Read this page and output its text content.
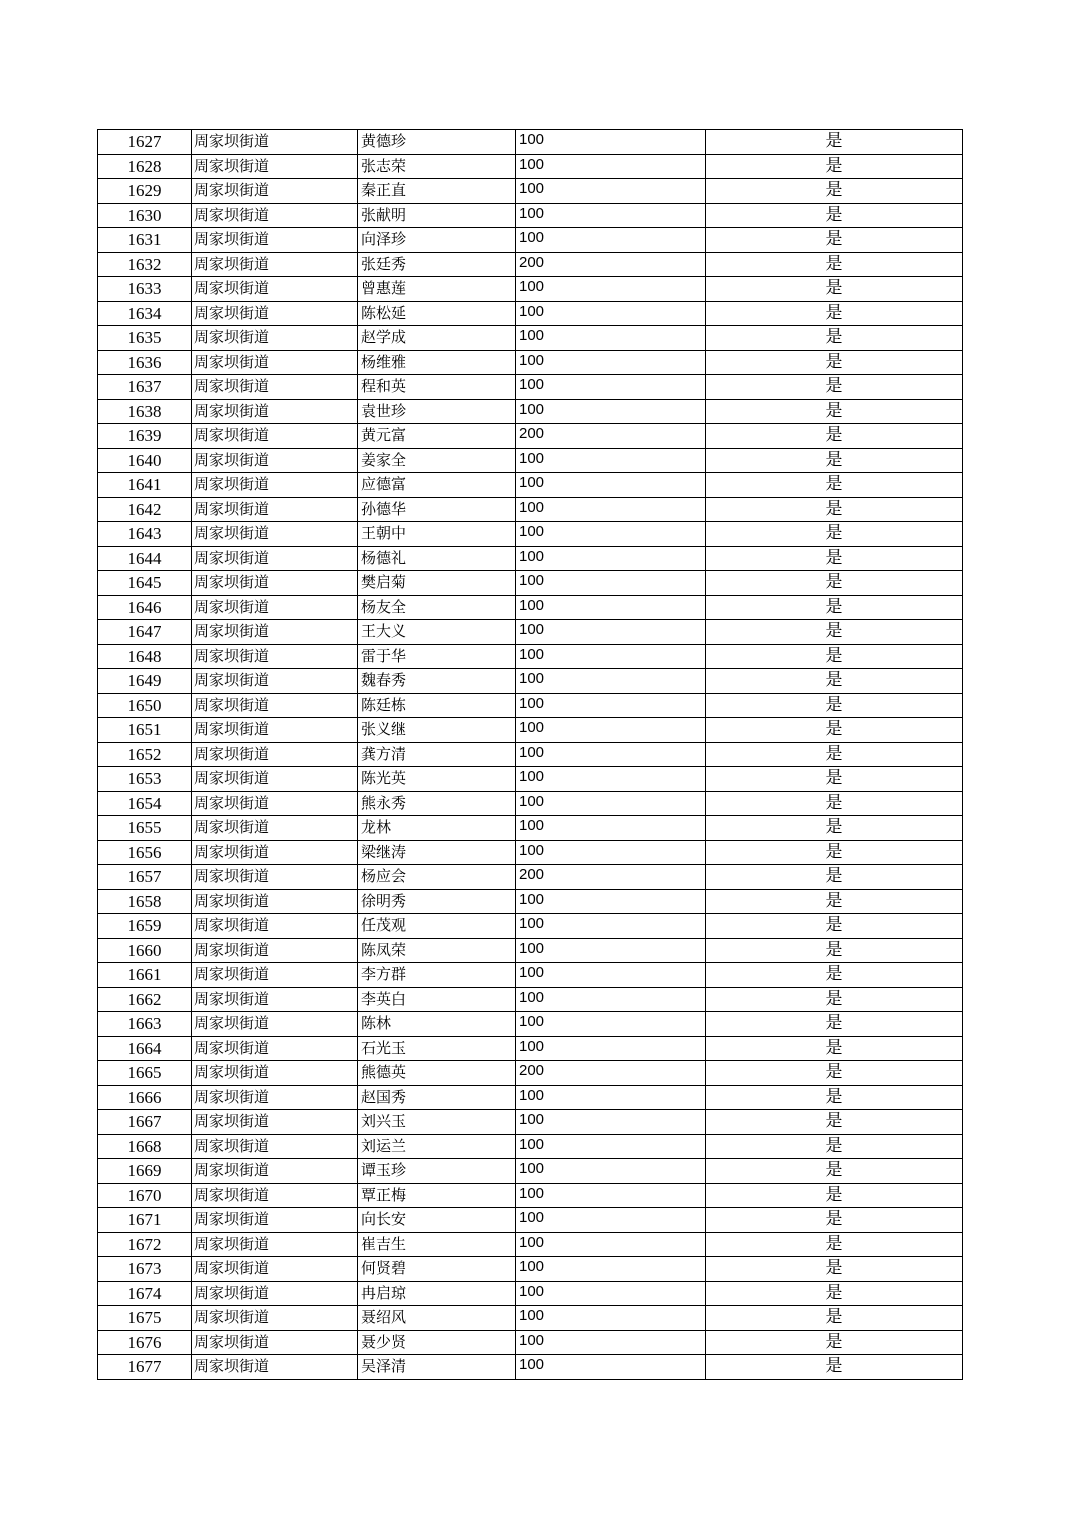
1627	周家坝街道	黄德珍	100	是
1628	周家坝街道	张志荣	100	是
1629	周家坝街道	秦正直	100	是
1630	周家坝街道	张献明	100	是
1631	周家坝街道	向泽珍	100	是
1632	周家坝街道	张廷秀	200	是
1633	周家坝街道	曾惠莲	100	是
1634	周家坝街道	陈松延	100	是
1635	周家坝街道	赵学成	100	是
1636	周家坝街道	杨维雅	100	是
1637	周家坝街道	程和英	100	是
1638	周家坝街道	袁世珍	100	是
1639	周家坝街道	黄元富	200	是
1640	周家坝街道	姜家全	100	是
1641	周家坝街道	应德富	100	是
1642	周家坝街道	孙德华	100	是
1643	周家坝街道	王朝中	100	是
1644	周家坝街道	杨德礼	100	是
1645	周家坝街道	樊启菊	100	是
1646	周家坝街道	杨友全	100	是
1647	周家坝街道	王大义	100	是
1648	周家坝街道	雷于华	100	是
1649	周家坝街道	魏春秀	100	是
1650	周家坝街道	陈廷栋	100	是
1651	周家坝街道	张义继	100	是
1652	周家坝街道	龚方清	100	是
1653	周家坝街道	陈光英	100	是
1654	周家坝街道	熊永秀	100	是
1655	周家坝街道	龙林	100	是
1656	周家坝街道	梁继涛	100	是
1657	周家坝街道	杨应会	200	是
1658	周家坝街道	徐明秀	100	是
1659	周家坝街道	任茂观	100	是
1660	周家坝街道	陈凤荣	100	是
1661	周家坝街道	李方群	100	是
1662	周家坝街道	李英白	100	是
1663	周家坝街道	陈林	100	是
1664	周家坝街道	石光玉	100	是
1665	周家坝街道	熊德英	200	是
1666	周家坝街道	赵国秀	100	是
1667	周家坝街道	刘兴玉	100	是
1668	周家坝街道	刘运兰	100	是
1669	周家坝街道	谭玉珍	100	是
1670	周家坝街道	覃正梅	100	是
1671	周家坝街道	向长安	100	是
1672	周家坝街道	崔吉生	100	是
1673	周家坝街道	何贤碧	100	是
1674	周家坝街道	冉启琼	100	是
1675	周家坝街道	聂绍风	100	是
1676	周家坝街道	聂少贤	100	是
1677	周家坝街道	吴泽清	100	是
